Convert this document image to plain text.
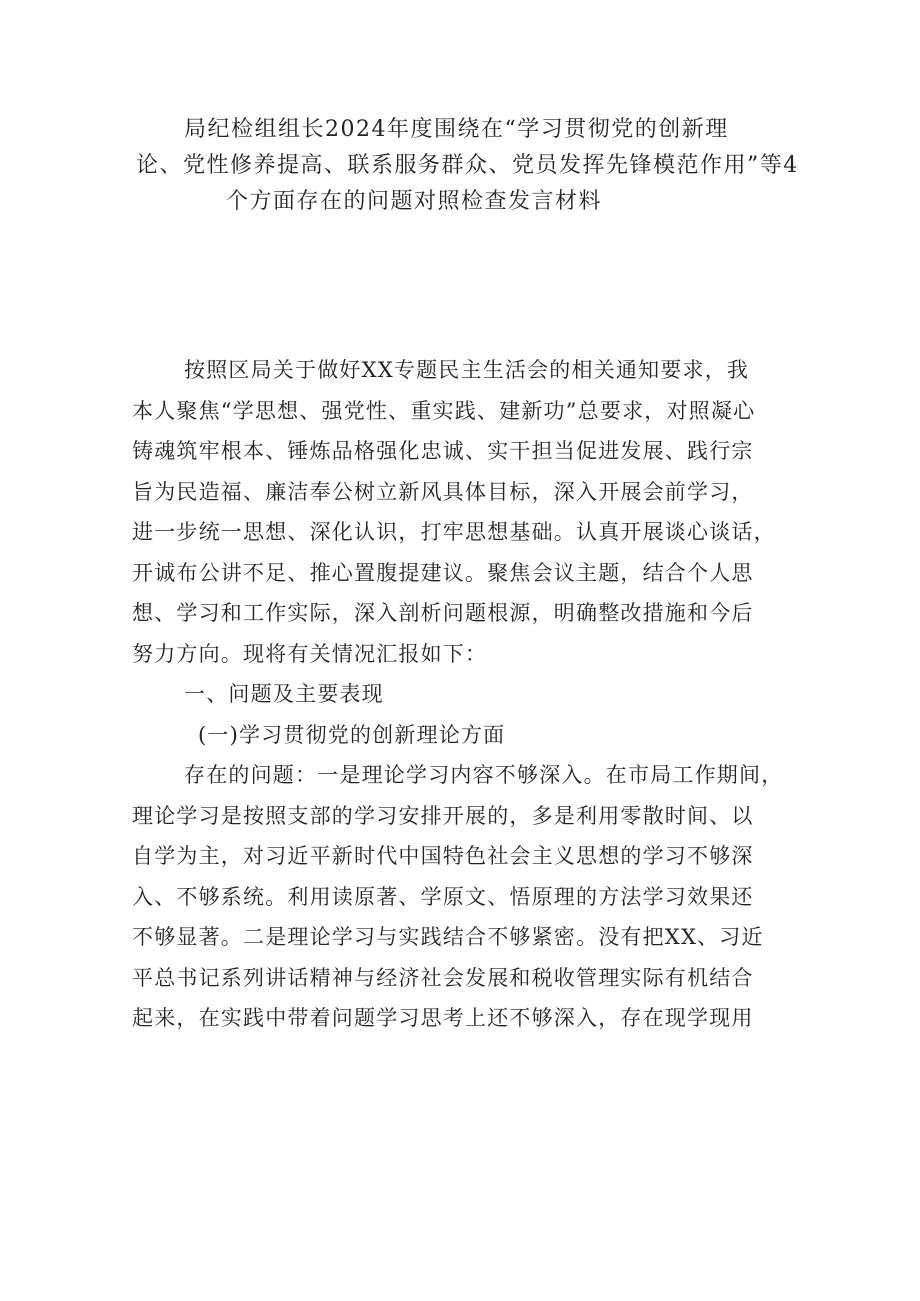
局纪检组组长2024年度围绕在“学习贯彻党的创新理
论、党性修养提高、联系服务群众、党员发挥先锋模范作用”等4
个方面存在的问题对照检查发言材料

按照区局关于做好XX专题民主生活会的相关通知要求，我
本人聚焦“学思想、强党性、重实践、建新功”总要求，对照凝心
铸魂筑牢根本、锤炼品格强化忠诚、实干担当促进发展、践行宗
旨为民造福、廉洁奉公树立新风具体目标，深入开展会前学习，
进一步统一思想、深化认识，打牢思想基础。认真开展谈心谈话，
开诚布公讲不足、推心置腹提建议。聚焦会议主题，结合个人思
想、学习和工作实际，深入剖析问题根源，明确整改措施和今后
努力方向。现将有关情况汇报如下：

一、问题及主要表现

(一)学习贯彻党的创新理论方面

存在的问题：一是理论学习内容不够深入。在市局工作期间，
理论学习是按照支部的学习安排开展的，多是利用零散时间、以
自学为主，对习近平新时代中国特色社会主义思想的学习不够深
入、不够系统。利用读原著、学原文、悟原理的方法学习效果还
不够显著。二是理论学习与实践结合不够紧密。没有把XX、习近
平总书记系列讲话精神与经济社会发展和税收管理实际有机结合
起来，在实践中带着问题学习思考上还不够深入，存在现学现用
